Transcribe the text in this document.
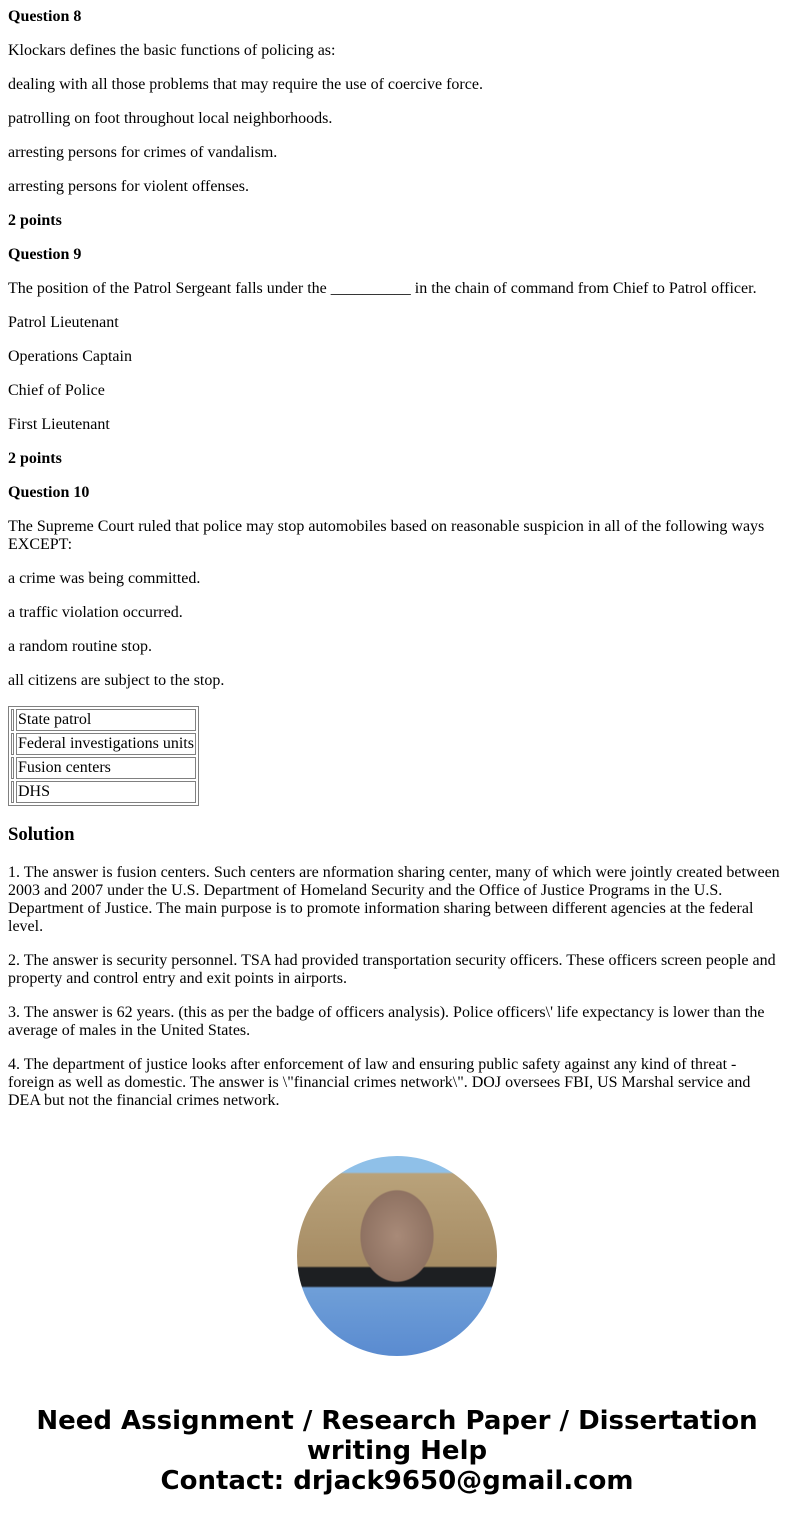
Question 8

Klockars defines the basic functions of policing as:

dealing with all those problems that may require the use of coercive force.

patrolling on foot throughout local neighborhoods.

arresting persons for crimes of vandalism.

arresting persons for violent offenses.

2 points

Question 9

The position of the Patrol Sergeant falls under the __________ in the chain of command from Chief to Patrol officer.

Patrol Lieutenant

Operations Captain

Chief of Police

First Lieutenant

2 points

Question 10

The Supreme Court ruled that police may stop automobiles based on reasonable suspicion in all of the following ways EXCEPT:

a crime was being committed.

a traffic violation occurred.

a random routine stop.

all citizens are subject to the stop.

	State patrol
	Federal investigations units
	Fusion centers
	DHS
Solution

1. The answer is fusion centers. Such centers are nformation sharing center, many of which were jointly created between 2003 and 2007 under the U.S. Department of Homeland Security and the Office of Justice Programs in the U.S. Department of Justice. The main purpose is to promote information sharing between different agencies at the federal level.

2. The answer is security personnel. TSA had provided transportation security officers. These officers screen people and property and control entry and exit points in airports.

3. The answer is 62 years. (this as per the badge of officers analysis). Police officers\' life expectancy is lower than the average of males in the United States.

4. The department of justice looks after enforcement of law and ensuring public safety against any kind of threat - foreign as well as domestic. The answer is \"financial crimes network\". DOJ oversees FBI, US Marshal service and DEA but not the financial crimes network.

Need Assignment / Research Paper / Dissertation writing Help
Contact: drjack9650@gmail.com
